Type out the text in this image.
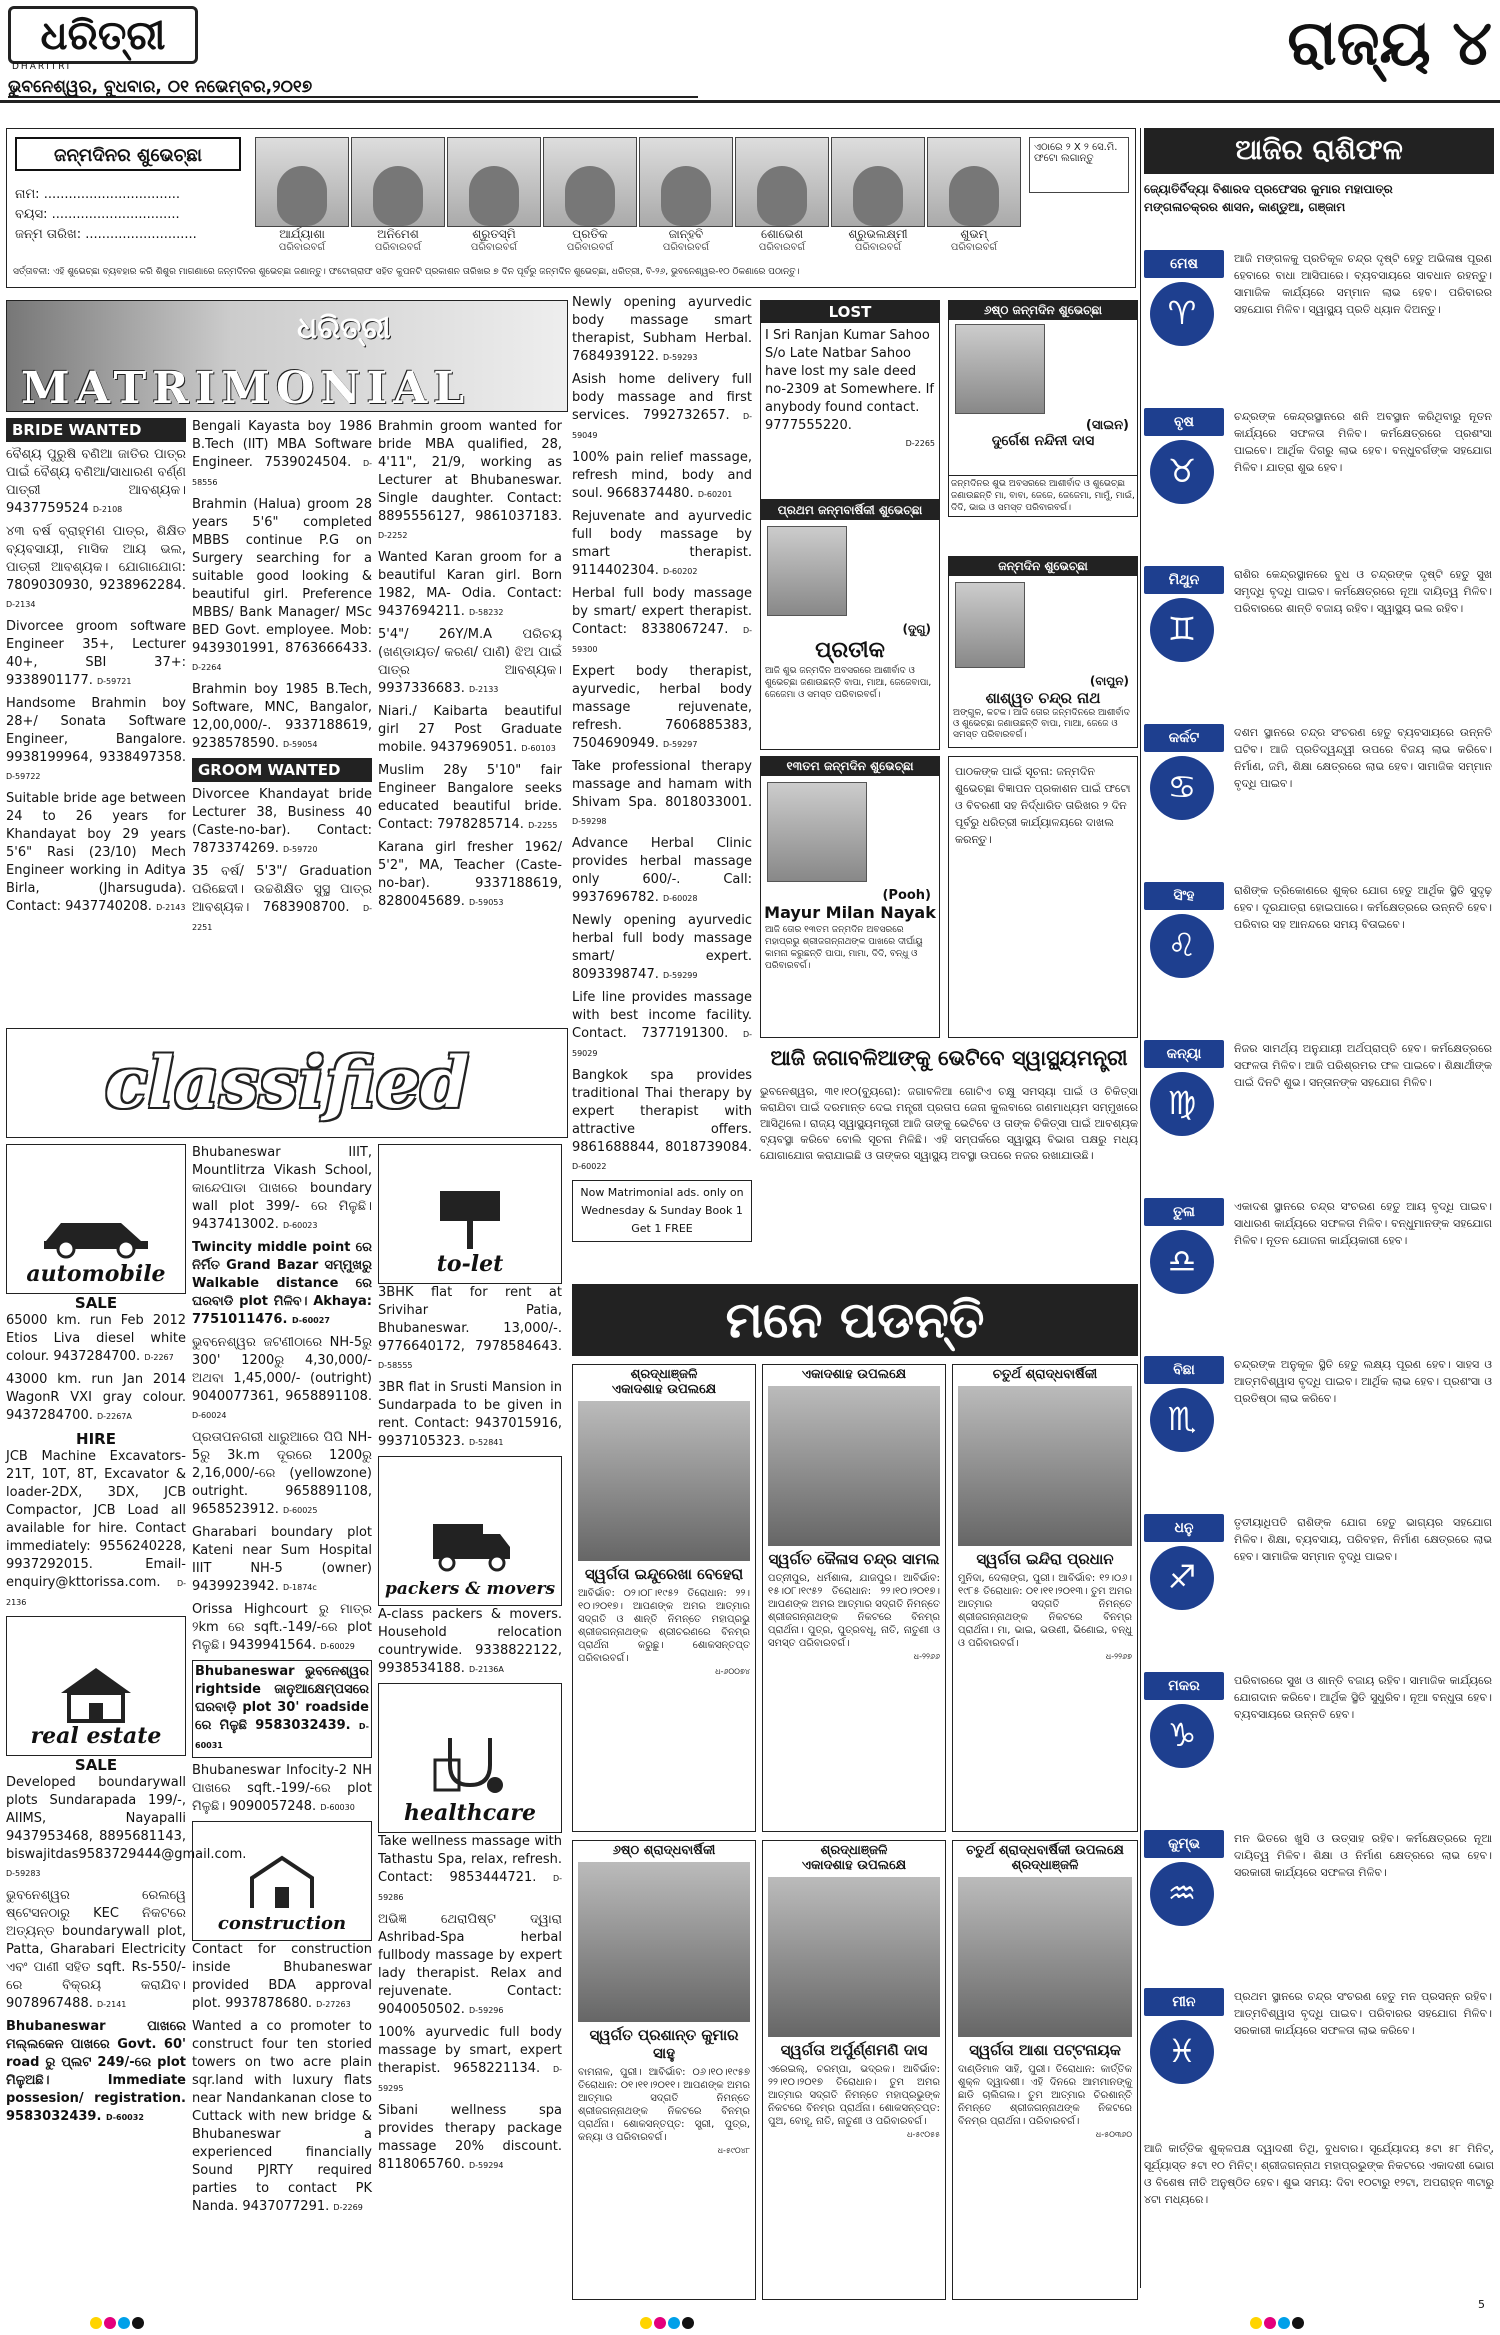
ଧରିତ୍ରୀ
DHARITRI
ଭୁବନେଶ୍ୱର, ବୁଧବାର, ୦୧ ନଭେମ୍ବର,୨୦୧୭
ରାଜ୍ୟ ୪
ଜନ୍ମଦିନର ଶୁଭେଚ୍ଛା
ନାମ: .................................
ବୟସ: ...............................
ଜନ୍ମ ତାରିଖ: ...........................	ଆର୍ଯ୍ୟାଶା
ପରିବାରବର୍ଗ
ଅନିମେଶ
ପରିବାରବର୍ଗ
ଶ୍ରୁତସ୍ମି
ପରିବାରବର୍ଗ
ପ୍ରତିକ
ପରିବାରବର୍ଗ
ଜାନ୍ହବି
ପରିବାରବର୍ଗ
ଶୋଭେଶ
ପରିବାରବର୍ଗ
ଶ୍ରୁଭଲକ୍ଷ୍ମୀ
ପରିବାରବର୍ଗ
ଶୁଭମ୍
ପରିବାରବର୍ଗ
ଏଠାରେ ୨ X ୨ ସେ.ମି. ଫଟୋ ଲଗାନ୍ତୁ
ସର୍ତ୍ତାବଳୀ: ଏହି ଶୁଭେଚ୍ଛା ବ୍ୟବହାର କରି ଶିଶୁର ମାଗଣାରେ ଜନ୍ମଦିନର ଶୁଭେଚ୍ଛା ଜଣାନ୍ତୁ। ଫଟୋଗ୍ରାଫ ସହିତ କୁପନଟି ପ୍ରକାଶନ ତାରିଖର ୭ ଦିନ ପୂର୍ବରୁ ଜନ୍ମଦିନ ଶୁଭେଚ୍ଛା, ଧରିତ୍ରୀ, ବି-୨୬, ଭୁବନେଶ୍ୱର-୧୦ ଠିକଣାରେ ପଠାନ୍ତୁ।
ଧରିତ୍ରୀ
MATRIMONIAL
BRIDE WANTED

ବୈଶ୍ୟ ପୁରୁଷି ବଣିଆ ଜାତିର ପାତ୍ର ପାଇଁ ବୈଶ୍ୟ ବଣିଆ/ସାଧାରଣ ବର୍ଣ୍ଣ ପାତ୍ରୀ ଆବଶ୍ୟକ। 9437759524 D-2108

୪୩ ବର୍ଷ ବ୍ରାହ୍ମଣ ପାତ୍ର, ଶିକ୍ଷିତ ବ୍ୟବସାୟୀ, ମାସିକ ଆୟ ଭଲ, ପାତ୍ରୀ ଆବଶ୍ୟକ। ଯୋଗାଯୋଗ: 7809030930, 9238962284. D-2134

Divorcee groom software Engineer 35+, Lecturer 40+, SBI 37+: 9338901177. D-59721

Handsome Brahmin boy 28+/ Sonata Software Engineer, Bangalore. 9938199964, 9338497358. D-59722

Suitable bride age between 24 to 26 years for Khandayat boy 29 years 5'6" Rasi (23/10) Mech Engineer working in Aditya Birla, (Jharsuguda). Contact: 9437740208. D-2143

Bengali Kayasta boy 1986 B.Tech (IIT) MBA Software Engineer. 7539024504. D-58556

Brahmin (Halua) groom 28 years 5'6" completed MBBS continue P.G on Surgery searching for a suitable good looking & beautiful girl. Preference MBBS/ Bank Manager/ MSc BED Govt. employee. Mob: 9439301991, 8763666433. D-2264

Brahmin boy 1985 B.Tech, Software, MNC, Bangalor, 12,00,000/-. 9337188619, 9238578590. D-59054

GROOM WANTED

Divorcee Khandayat bride Lecturer 38, Business 40 (Caste-no-bar). Contact: 7873374269. D-59720

35 ବର୍ଷ/ 5'3"/ Graduation ପରିଛେଦୀ। ଉଚ୍ଚଶିକ୍ଷିତ ସୁସ୍ଥ ପାତ୍ର ଆବଶ୍ୟକ। 7683908700. D-2251

Brahmin groom wanted for bride MBA qualified, 28, 4'11", 21/9, working as Lecturer at Bhubaneswar. Single daughter. Contact: 8895556127, 9861037183. D-2252

Wanted Karan groom for a beautiful Karan girl. Born 1982, MA- Odia. Contact: 9437694211. D-58232

5'4"/ 26Y/M.A ପରିଚୟ (ଖଣ୍ଡାୟତ/ କରଣ/ ପାଣି) ଝିଅ ପାଇଁ ପାତ୍ର ଆବଶ୍ୟକ। 9937336683. D-2133

Niari./ Kaibarta beautiful girl 27 Post Graduate mobile. 9437969051. D-60103

Muslim 28y 5'10" fair Engineer Bangalore seeks educated beautiful bride. Contact: 7978285714. D-2255

Karana girl fresher 1962/ 5'2", MA, Teacher (Caste-no-bar). 9337188619, 8280045689. D-59053

Newly opening ayurvedic body massage smart therapist, Subham Herbal. 7684939122. D-59293

Asish home delivery full body massage and first services. 7992732657. D-59049

100% pain relief massage, refresh mind, body and soul. 9668374480. D-60201

Rejuvenate and ayurvedic full body massage by smart therapist. 9114402304. D-60202

Herbal full body massage by smart/ expert therapist. Contact: 8338067247. D-59300

Expert body therapist, ayurvedic, herbal body massage rejuvenate, refresh. 7606885383, 7504690949. D-59297

Take professional therapy massage and hamam with Shivam Spa. 8018033001. D-59298

Advance Herbal Clinic provides herbal massage only 600/-. Call: 9937696782. D-60028

Newly opening ayurvedic herbal full body massage smart/ expert. 8093398747. D-59299

Life line provides massage with best income facility. Contact. 7377191300. D-59029

Bangkok spa provides traditional Thai therapy by expert therapist with attractive offers. 9861688844, 8018739084. D-60022

Now Matrimonial ads. only on Wednesday & Sunday Book 1 Get 1 FREE
LOST
I Sri Ranjan Kumar Sahoo S/o Late Natbar Sahoo have lost my sale deed no-2309 at Somewhere. If anybody found contact. 9777555220.
D-2265
୬ଷ୍ଠ ଜନ୍ମଦିନ ଶୁଭେଚ୍ଛା
(ସାଇନ)
ଦୁର୍ଗେଶ ନନ୍ଦିନୀ ଦାସ
ଜନ୍ମଦିନର ଶୁଭ ଅବସରରେ ଆଶୀର୍ବାଦ ଓ ଶୁଭେଚ୍ଛା ଜଣାଉଛନ୍ତି ମା, ବାବା, ଜେଜେ, ଜେଜେମା, ମାମୁଁ, ମାଇଁ, ଦିଦି, ଭାଇ ଓ ସମସ୍ତ ପରିବାରବର୍ଗ।
ପ୍ରଥମ ଜନ୍ମବାର୍ଷିକୀ ଶୁଭେଚ୍ଛା
(ଦୁଗୁ)
ପ୍ରତୀକ
ଆଜି ଶୁଭ ଜନ୍ମଦିନ ଅବସରରେ ଆଶୀର୍ବାଦ ଓ ଶୁଭେଚ୍ଛା ଜଣାଉଛନ୍ତି ବାପା, ମାଆ, ଜେଜେବାପା, ଜେଜେମା ଓ ସମସ୍ତ ପରିବାରବର୍ଗ।
ଜନ୍ମଦିନ ଶୁଭେଚ୍ଛା
(ବାପୁନ)
ଶାଶ୍ୱତ ଚନ୍ଦ୍ର ନାଥ
ଅଙ୍ଗୁଳ, କଟକ। ଆଜି ତୋର ଜନ୍ମଦିନରେ ଆଶୀର୍ବାଦ ଓ ଶୁଭେଚ୍ଛା ଜଣାଉଛନ୍ତି ବାପା, ମାଆ, ଜେଜେ ଓ ସମସ୍ତ ପରିବାରବର୍ଗ।
୧୩ତମ ଜନ୍ମଦିନ ଶୁଭେଚ୍ଛା
(Pooh)
Mayur Milan Nayak
ଆଜି ତୋର ୧୩ତମ ଜନ୍ମଦିନ ଅବସରରେ ମହାପ୍ରଭୁ ଶ୍ରୀଜଗନ୍ନାଥଙ୍କ ପାଖରେ ଦୀର୍ଘାୟୁ କାମନା କରୁଛନ୍ତି ପାପା, ମାମା, ଦିଦି, ବନ୍ଧୁ ଓ ପରିବାରବର୍ଗ।
ପାଠକଙ୍କ ପାଇଁ ସୂଚନା: ଜନ୍ମଦିନ ଶୁଭେଚ୍ଛା ବିଜ୍ଞାପନ ପ୍ରକାଶନ ପାଇଁ ଫଟୋ ଓ ବିବରଣୀ ସହ ନିର୍ଦ୍ଧାରିତ ତାରିଖର ୨ ଦିନ ପୂର୍ବରୁ ଧରିତ୍ରୀ କାର୍ଯ୍ୟାଳୟରେ ଦାଖଲ କରନ୍ତୁ।
ଆଜି ଜଗାବଳିଆଙ୍କୁ ଭେଟିବେ ସ୍ୱାସ୍ଥ୍ୟମନ୍ତ୍ରୀ
ଭୁବନେଶ୍ୱର, ୩୧।୧୦(ବ୍ୟୁରୋ): ଜଗାବଳିଆ ଗୋଟିଏ ଚକ୍ଷୁ ସମସ୍ୟା ପାଇଁ ଓ ଚିକିତ୍ସା କରାଯିବା ପାଇଁ ଦରମାନ୍ତ ଦେଇ ମନ୍ତ୍ରୀ ପ୍ରତାପ ଜେନା କୁଲବାରେ ଗଣମାଧ୍ୟମ ସମ୍ମୁଖରେ ଆସିଥିଲେ। ରାଜ୍ୟ ସ୍ୱାସ୍ଥ୍ୟମନ୍ତ୍ରୀ ଆଜି ତାଙ୍କୁ ଭେଟିବେ ଓ ତାଙ୍କ ଚିକିତ୍ସା ପାଇଁ ଆବଶ୍ୟକ ବ୍ୟବସ୍ଥା କରିବେ ବୋଲି ସୂଚନା ମିଳିଛି। ଏହି ସମ୍ପର୍କରେ ସ୍ୱାସ୍ଥ୍ୟ ବିଭାଗ ପକ୍ଷରୁ ମଧ୍ୟ ଯୋଗାଯୋଗ କରାଯାଇଛି ଓ ତାଙ୍କର ସ୍ୱାସ୍ଥ୍ୟ ଅବସ୍ଥା ଉପରେ ନଜର ରଖାଯାଉଛି।
classified
automobile
SALE

65000 km. run Feb 2012 Etios Liva diesel white colour. 9437284700. D-2267

43000 km. run Jan 2014 WagonR VXI gray colour. 9437284700. D-2267A

HIRE

JCB Machine Excavators-21T, 10T, 8T, Excavator & loader-2DX, 3DX, JCB Compactor, JCB Load all available for hire. Contact immediately: 9556240228, 9937292015. Email-enquiry@kttorissa.com. D-2136

real estate
SALE

Developed boundarywall plots Sundarapada 199/-, AIIMS, Nayapalli 9437953468, 8895681143, biswajitdas9583729444@gmail.com. D-59283

ଭୁବନେଶ୍ୱର ରେଲୱେ ଷ୍ଟେସନଠାରୁ KEC ନିକଟରେ ଅତ୍ୟନ୍ତ boundarywall plot, Patta, Gharabari Electricity ଏବଂ ପାଣୀ ସହିତ sqft. Rs-550/-ରେ ବିକ୍ରୟ କରାଯିବ। 9078967488. D-2141

Bhubaneswar ପାଖରେ ମଲ୍ଲକେନ ପାଖରେ Govt. 60' road ରୁ ପ୍ଲଟ 249/-ରେ plot ମିଳୁଅଛି। Immediate possesion/ registration. 9583032439. D-60032

Bhubaneswar IIIT, Mountlitrza Vikash School, କାନ୍ଦେପାଡା ପାଖରେ boundary wall plot 399/- ରେ ମିଳୁଛି। 9437413002. D-60023

Twincity middle point ରେ ନିର୍ମିତ Grand Bazar ସମ୍ମୁଖରୁ Walkable distance ରେ ଘରବାଡି plot ମିଳିବ। Akhaya: 7751011476. D-60027

ଭୁବନେଶ୍ୱର ଜଟଣୀଠାରେ NH-5ରୁ 300' 1200ରୁ 4,30,000/- ଅଥବା 1,45,000/- (outright) 9040077361, 9658891108. D-60024

ପ୍ରତାପନଗରୀ ଧାରୁଆରେ ପିପି NH-5ରୁ 3k.m ଦୂରରେ 1200ରୁ 2,16,000/-ରେ (yellowzone) outright. 9658891108, 9658523912. D-60025

Gharabari boundary plot Kateni near Sum Hospital IIIT NH-5 (owner) 9439923942. D-1874c

Orissa Highcourt ରୁ ମାତ୍ର ୨km ରେ sqft.-149/-ରେ plot ମିଳୁଛି। 9439941564. D-60029

Bhubaneswar ଭୁବନେଶ୍ୱର rightside ଜାନୁଆକ୍ଷେମ୍ପସରେ ଘରବାଡ଼ି plot 30' roadside ରେ ମିଳୁଛି 9583032439. D-60031

Bhubaneswar Infocity-2 NH ପାଖରେ sqft.-199/-ରେ plot ମିଳୁଛି। 9090057248. D-60030

construction

Contact for construction inside Bhubaneswar provided BDA approval plot. 9937878680. D-27263

Wanted a co promoter to construct four ten storied towers on two acre plain sqr.land with luxury flats near Nandankanan close to Cuttack with new bridge & Bhubaneswar a experienced financially Sound PJRTY required parties to contact PK Nanda. 9437077291. D-2269

to-let

3BHK flat for rent at Srivihar Patia, Bhubaneswar. 13,000/-. 9776640172, 7978584643. D-58555

3BR flat in Srusti Mansion in Sundarpada to be given in rent. Contact: 9437015916, 9937105323. D-52841

packers & movers

A-class packers & movers. Household relocation countrywide. 9338822122, 9938534188. D-2136A

healthcare

Take wellness massage with Tathastu Spa, relax, refresh. Contact: 9853444721. D-59286

ଅଭିଜ୍ଞ ଥେରାପିଷ୍ଟ ଦ୍ୱାରା Ashribad-Spa herbal fullbody massage by expert lady therapist. Relax and rejuvenate. Contact: 9040050502. D-59296

100% ayurvedic full body massage by smart, expert therapist. 9658221134. D-59295

Sibani wellness spa provides therapy package massage 20% discount. 8118065760. D-59294

ମନେ ପଡନ୍ତି
ଶ୍ରଦ୍ଧାଞ୍ଜଳି
ଏକାଦଶାହ ଉପଲକ୍ଷେ
ସ୍ୱର୍ଗତା ଇନ୍ଦୁରେଖା ବେହେରା
ଆବିର୍ଭାବ: ୦୨।୦୮।୧୯୫୨ ତିରୋଧାନ: ୨୨।୧୦।୨୦୧୭। ଆପଣଙ୍କ ଅମର ଆତ୍ମାର ସଦ୍‌ଗତି ଓ ଶାନ୍ତି ନିମନ୍ତେ ମହାପ୍ରଭୁ ଶ୍ରୀଜଗନ୍ନାଥଙ୍କ ଶ୍ରୀଚରଣରେ ବିନମ୍ର ପ୍ରାର୍ଥନା କରୁଛୁ। ଶୋକସନ୍ତପ୍ତ ପରିବାରବର୍ଗ।
ଧ-୬୦୦୭୪
ଏକାଦଶାହ ଉପଲକ୍ଷେ
ସ୍ୱର୍ଗତ କୈଳାସ ଚନ୍ଦ୍ର ସାମଲ
ପତ୍ନୀପୁର, ଧର୍ମଶାଳା, ଯାଜପୁର। ଆବିର୍ଭାବ: ୧୫।୦୮।୧୯୫୨ ତିରୋଧାନ: ୨୨।୧୦।୨୦୧୭। ଆପଣଙ୍କ ଅମର ଆତ୍ମାର ସଦ୍‌ଗତି ନିମନ୍ତେ ଶ୍ରୀଜଗନ୍ନାଥଙ୍କ ନିକଟରେ ବିନମ୍ର ପ୍ରାର୍ଥନା। ପୁତ୍ର, ପୁତ୍ରବଧୂ, ନାତି, ନାତୁଣୀ ଓ ସମସ୍ତ ପରିବାରବର୍ଗ।
ଧ-୨୨୬୬
ଚତୁର୍ଥ ଶ୍ରାଦ୍ଧବାର୍ଷିକୀ
ସ୍ୱର୍ଗତା ଇନ୍ଦିରା ପ୍ରଧାନ
ମୁନିଦା, ଦେଲାଙ୍ଗ, ପୁରୀ। ଆବିର୍ଭାବ: ୧୨।୦୬।୧୯୮୫ ତିରୋଧାନ: ୦୧।୧୧।୨୦୧୩। ତୁମ ଅମର ଆତ୍ମାର ସଦ୍‌ଗତି ନିମନ୍ତେ ଶ୍ରୀଜଗନ୍ନାଥଙ୍କ ନିକଟରେ ବିନମ୍ର ପ୍ରାର୍ଥନା। ମା, ଭାଇ, ଭଉଣୀ, ଭିଣୋଇ, ବନ୍ଧୁ ଓ ପରିବାରବର୍ଗ।
ଧ-୨୨୬୭
୬ଷ୍ଠ ଶ୍ରାଦ୍ଧବାର୍ଷିକୀ
ସ୍ୱର୍ଗତ ପ୍ରଶାନ୍ତ କୁମାର ସାହୁ
ବାମନାଳ, ପୁରୀ। ଆବିର୍ଭାବ: ୦୬।୧୦।୧୯୫୭ ତିରୋଧାନ: ୦୧।୧୧।୨୦୧୧। ଆପଣଙ୍କ ଅମର ଆତ୍ମାର ସଦ୍‌ଗତି ନିମନ୍ତେ ଶ୍ରୀଜଗନ୍ନାଥଙ୍କ ନିକଟରେ ବିନମ୍ର ପ୍ରାର୍ଥନା। ଶୋକସନ୍ତପ୍ତ: ସ୍ତ୍ରୀ, ପୁତ୍ର, କନ୍ୟା ଓ ପରିବାରବର୍ଗ।
ଧ-୫୯୦୪୮
ଶ୍ରଦ୍ଧାଞ୍ଜଳି
ଏକାଦଶାହ ଉପଲକ୍ଷେ
ସ୍ୱର୍ଗତା ଅର୍ପୁର୍ଣ୍ଣମଣି ଦାସ
ଏରେଇଲ୍, ଚରମ୍ପା, ଭଦ୍ରକ। ଆବିର୍ଭାବ: ୨୨।୧୦।୨୦୧୭ ତିରୋଧାନ। ତୁମ ଅମର ଆତ୍ମାର ସଦ୍‌ଗତି ନିମନ୍ତେ ମହାପ୍ରଭୁଙ୍କ ନିକଟରେ ବିନମ୍ର ପ୍ରାର୍ଥନା। ଶୋକସନ୍ତପ୍ତ: ପୁଅ, ବୋହୂ, ନାତି, ନାତୁଣୀ ଓ ପରିବାରବର୍ଗ।
ଧ-୫୯୦୫୫
ଚତୁର୍ଥ ଶ୍ରାଦ୍ଧବାର୍ଷିକୀ ଉପଲକ୍ଷେ
ଶ୍ରଦ୍ଧାଞ୍ଜଳି
ସ୍ୱର୍ଗତା ଆଶା ପଟ୍ଟନାୟକ
ଦାଣ୍ଡିମାଳ ସାହି, ପୁରୀ। ତିରୋଧାନ: କାର୍ତ୍ତିକ ଶୁକ୍ଳ ଦ୍ୱାଦଶୀ। ଏହି ଦିନରେ ଆମମାନଙ୍କୁ ଛାଡି ଚାଲିଗଲ। ତୁମ ଆତ୍ମାର ଚିରଶାନ୍ତି ନିମନ୍ତେ ଶ୍ରୀଜଗନ୍ନାଥଙ୍କ ନିକଟରେ ବିନମ୍ର ପ୍ରାର୍ଥନା। ପରିବାରବର୍ଗ।
ଧ-୫୦୩୬୦
ଆଜିର ରାଶିଫଳ
ଜ୍ୟୋତିର୍ବିଦ୍ୟା ବିଶାରଦ ପ୍ରଫେସର କୁମାର ମହାପାତ୍ର
ମଙ୍ଗଳାଚକ୍ରର ଶାସନ, କାଣ୍ଡୁଆ, ଗଞ୍ଜାମ
ମେଷ
♈
ଆଜି ମଙ୍ଗଳକୁ ପ୍ରତିକୂଳ ଚନ୍ଦ୍ର ଦୃଷ୍ଟି ହେତୁ ଅଭିଳାଷ ପୂରଣ ହେବାରେ ବାଧା ଆସିପାରେ। ବ୍ୟବସାୟରେ ସାବଧାନ ରହନ୍ତୁ। ସାମାଜିକ କାର୍ଯ୍ୟରେ ସମ୍ମାନ ଲାଭ ହେବ। ପରିବାରର ସହଯୋଗ ମିଳିବ। ସ୍ୱାସ୍ଥ୍ୟ ପ୍ରତି ଧ୍ୟାନ ଦିଅନ୍ତୁ।
ବୃଷ
♉
ଚନ୍ଦ୍ରଙ୍କ କେନ୍ଦ୍ରସ୍ଥାନରେ ଶନି ଅବସ୍ଥାନ କରିଥିବାରୁ ନୂତନ କାର୍ଯ୍ୟରେ ସଫଳତା ମିଳିବ। କର୍ମକ୍ଷେତ୍ରରେ ପ୍ରଶଂସା ପାଇବେ। ଆର୍ଥିକ ଦିଗରୁ ଲାଭ ହେବ। ବନ୍ଧୁବର୍ଗଙ୍କ ସହଯୋଗ ମିଳିବ। ଯାତ୍ରା ଶୁଭ ହେବ।
ମିଥୁନ
♊
ରାଶିର କେନ୍ଦ୍ରସ୍ଥାନରେ ବୁଧ ଓ ଚନ୍ଦ୍ରଙ୍କ ଦୃଷ୍ଟି ହେତୁ ସୁଖ ସମୃଦ୍ଧି ବୃଦ୍ଧି ପାଇବ। କର୍ମକ୍ଷେତ୍ରରେ ନୂଆ ଦାୟିତ୍ୱ ମିଳିବ। ପରିବାରରେ ଶାନ୍ତି ବଜାୟ ରହିବ। ସ୍ୱାସ୍ଥ୍ୟ ଭଲ ରହିବ।
କର୍କଟ
♋
ଦଶମ ସ୍ଥାନରେ ଚନ୍ଦ୍ର ସଂଚରଣ ହେତୁ ବ୍ୟବସାୟରେ ଉନ୍ନତି ଘଟିବ। ଆଜି ପ୍ରତିଦ୍ୱନ୍ଦ୍ୱୀ ଉପରେ ବିଜୟ ଲାଭ କରିବେ। ନିର୍ମାଣ, ଜମି, ଶିକ୍ଷା କ୍ଷେତ୍ରରେ ଲାଭ ହେବ। ସାମାଜିକ ସମ୍ମାନ ବୃଦ୍ଧି ପାଇବ।
ସିଂହ
♌
ରାଶିଙ୍କ ତ୍ରିକୋଣରେ ଶୁକ୍ର ଯୋଗ ହେତୁ ଆର୍ଥିକ ସ୍ଥିତି ସୁଦୃଢ଼ ହେବ। ଦୂରଯାତ୍ରା ହୋଇପାରେ। କର୍ମକ୍ଷେତ୍ରରେ ଉନ୍ନତି ହେବ। ପରିବାର ସହ ଆନନ୍ଦରେ ସମୟ ବିତାଇବେ।
କନ୍ୟା
♍
ନିଜର ସାମର୍ଥ୍ୟ ଅନୁଯାୟୀ ଅର୍ଥପ୍ରାପ୍ତି ହେବ। କର୍ମକ୍ଷେତ୍ରରେ ସଫଳତା ମିଳିବ। ଆଜି ପରିଶ୍ରମର ଫଳ ପାଇବେ। ଶିକ୍ଷାର୍ଥୀଙ୍କ ପାଇଁ ଦିନଟି ଶୁଭ। ସନ୍ତାନଙ୍କ ସହଯୋଗ ମିଳିବ।
ତୁଳା
♎
ଏକାଦଶ ସ୍ଥାନରେ ଚନ୍ଦ୍ର ସଂଚରଣ ହେତୁ ଆୟ ବୃଦ୍ଧି ପାଇବ। ସାଧାରଣ କାର୍ଯ୍ୟରେ ସଫଳତା ମିଳିବ। ବନ୍ଧୁମାନଙ୍କ ସହଯୋଗ ମିଳିବ। ନୂତନ ଯୋଜନା କାର୍ଯ୍ୟକାରୀ ହେବ।
ବିଛା
♏
ଚନ୍ଦ୍ରଙ୍କ ଅନୁକୂଳ ସ୍ଥିତି ହେତୁ ଲକ୍ଷ୍ୟ ପୂରଣ ହେବ। ସାହସ ଓ ଆତ୍ମବିଶ୍ୱାସ ବୃଦ୍ଧି ପାଇବ। ଆର୍ଥିକ ଲାଭ ହେବ। ପ୍ରଶଂସା ଓ ପ୍ରତିଷ୍ଠା ଲାଭ କରିବେ।
ଧନୁ
♐
ତୃତୀୟାଧିପତି ରାଶିଙ୍କ ଯୋଗ ହେତୁ ଭାଗ୍ୟର ସହଯୋଗ ମିଳିବ। ଶିକ୍ଷା, ବ୍ୟବସାୟ, ପରିବହନ, ନିର୍ମାଣ କ୍ଷେତ୍ରରେ ଲାଭ ହେବ। ସାମାଜିକ ସମ୍ମାନ ବୃଦ୍ଧି ପାଇବ।
ମକର
♑
ପରିବାରରେ ସୁଖ ଓ ଶାନ୍ତି ବଜାୟ ରହିବ। ସାମାଜିକ କାର୍ଯ୍ୟରେ ଯୋଗଦାନ କରିବେ। ଆର୍ଥିକ ସ୍ଥିତି ସୁଧୁରିବ। ନୂଆ ବନ୍ଧୁତା ହେବ। ବ୍ୟବସାୟରେ ଉନ୍ନତି ହେବ।
କୁମ୍ଭ
♒
ମନ ଭିତରେ ଖୁସି ଓ ଉତ୍ସାହ ରହିବ। କର୍ମକ୍ଷେତ୍ରରେ ନୂଆ ଦାୟିତ୍ୱ ମିଳିବ। ଶିକ୍ଷା ଓ ନିର୍ମାଣ କ୍ଷେତ୍ରରେ ଲାଭ ହେବ। ସରକାରୀ କାର୍ଯ୍ୟରେ ସଫଳତା ମିଳିବ।
ମୀନ
♓
ପ୍ରଥମ ସ୍ଥାନରେ ଚନ୍ଦ୍ର ସଂଚରଣ ହେତୁ ମନ ପ୍ରସନ୍ନ ରହିବ। ଆତ୍ମବିଶ୍ୱାସ ବୃଦ୍ଧି ପାଇବ। ପରିବାରର ସହଯୋଗ ମିଳିବ। ସରକାରୀ କାର୍ଯ୍ୟରେ ସଫଳତା ଲାଭ କରିବେ।
ଆଜି କାର୍ତ୍ତିକ ଶୁକ୍ଳପକ୍ଷ ଦ୍ୱାଦଶୀ ତିଥି, ବୁଧବାର। ସୂର୍ଯ୍ୟୋଦୟ ୫ଟା ୫୮ ମିନିଟ୍, ସୂର୍ଯ୍ୟାସ୍ତ ୫ଟା ୧୦ ମିନିଟ୍। ଶ୍ରୀଜଗନ୍ନାଥ ମହାପ୍ରଭୁଙ୍କ ନିକଟରେ ଏକାଦଶୀ ଭୋଗ ଓ ବିଶେଷ ନୀତି ଅନୁଷ୍ଠିତ ହେବ। ଶୁଭ ସମୟ: ଦିବା ୧୦ଟାରୁ ୧୨ଟା, ଅପରାହ୍ନ ୩ଟାରୁ ୪ଟା ମଧ୍ୟରେ।
5
